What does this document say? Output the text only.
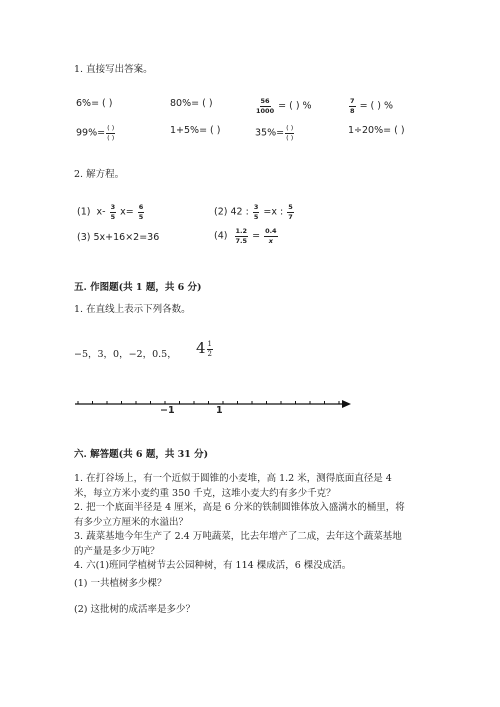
1. 直接写出答案。
6%= ( )	80%= ( )	$\frac{56}{1000}$ = ( ) %	$\frac{7}{8}$ = ( ) %
$99\%= \frac{( )}{( )}$	1+5%= ( )	$35\%= \frac{( )}{( )}$	1÷20%= ( )
2. 解方程。
(1) $x- \frac{3}{5} x= \frac{6}{5}$	(2) 42 : $\frac{3}{5} =x$ : $\frac{5}{7}$
(3) 5x+16×2=36	$(4) \frac{1.2}{7.5} = \frac{0.4}{x}$
五. 作图题(共 1 题，共 6 分)
1. 在直线上表示下列各数。
−5，3，0，−2，0.5， $4 \frac{1}{2}$
−1	1
六. 解答题(共 6 题，共 31 分)
1. 在打谷场上，有一个近似于圆锥的小麦堆，高 1.2 米，测得底面直径是 4
米，每立方米小麦约重 350 千克，这堆小麦大约有多少千克？
2. 把一个底面半径是 4 厘米，高是 6 分米的铁制圆锥体放入盛满水的桶里，将
有多少立方厘米的水溢出？
3. 蔬菜基地今年生产了 2.4 万吨蔬菜，比去年增产了二成，去年这个蔬菜基地
的产量是多少万吨？
4. 六(1)班同学植树节去公园种树，有 114 棵成活，6 棵没成活。
(1) 一共植树多少棵？
(2) 这批树的成活率是多少？
